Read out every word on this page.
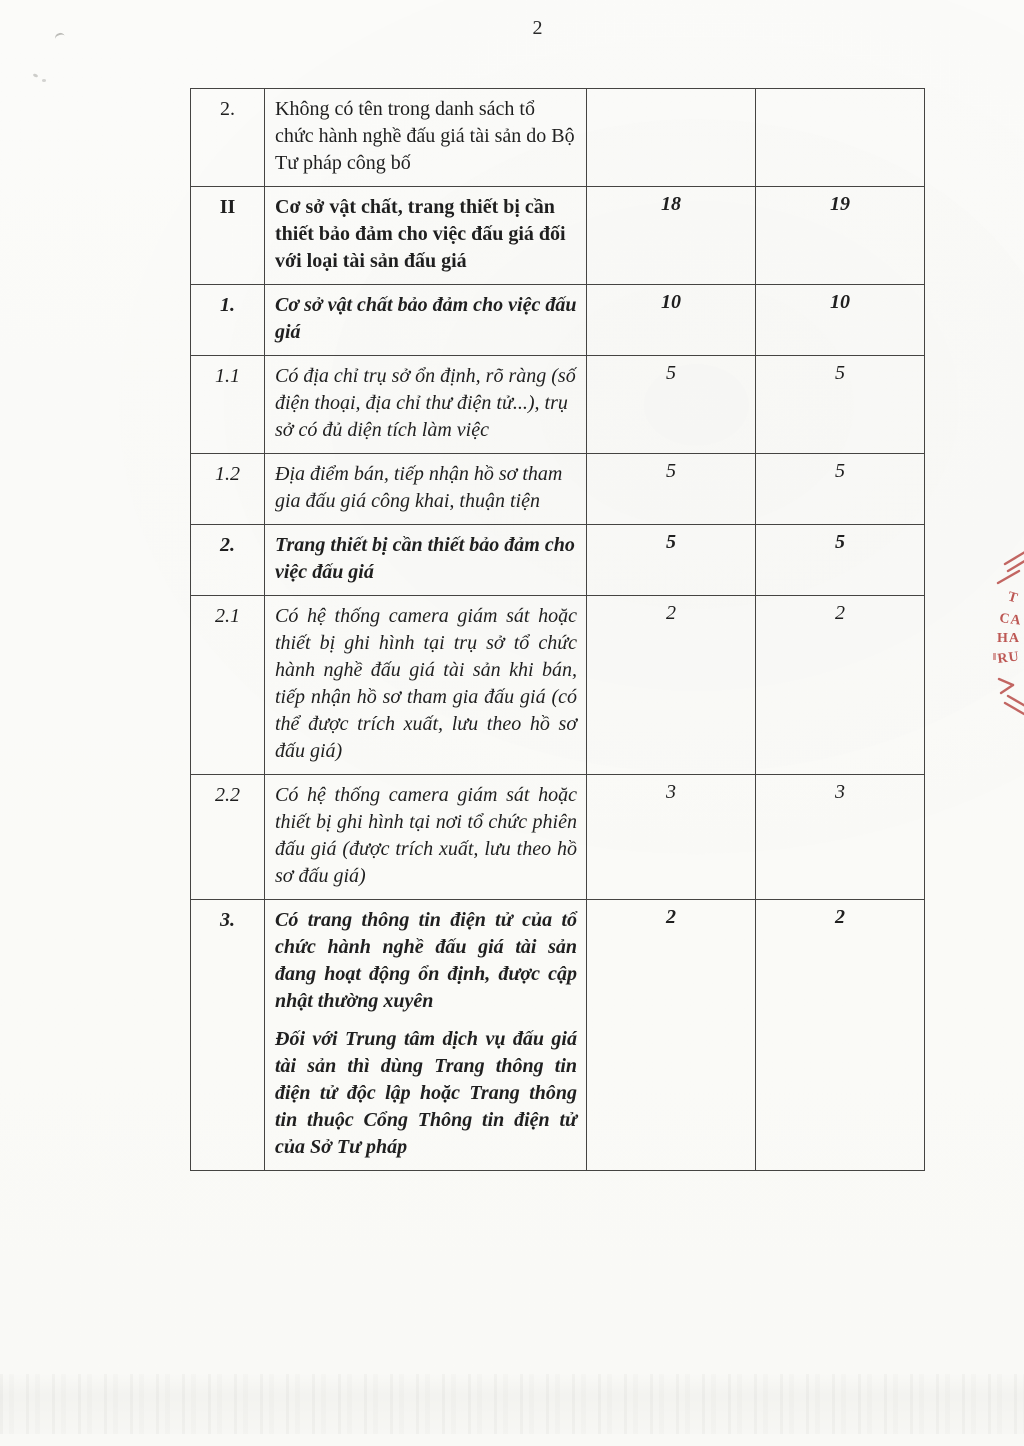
2
2.	Không có tên trong danh sách tổ chức hành nghề đấu giá tài sản do Bộ Tư pháp công bố		

II	Cơ sở vật chất, trang thiết bị cần thiết bảo đảm cho việc đấu giá đối với loại tài sản đấu giá	18	19
1.	Cơ sở vật chất bảo đảm cho việc đấu giá	10	10
1.1	Có địa chỉ trụ sở ổn định, rõ ràng (số điện thoại, địa chỉ thư điện tử...), trụ sở có đủ diện tích làm việc	5	5
1.2	Địa điểm bán, tiếp nhận hồ sơ tham gia đấu giá công khai, thuận tiện	5	5
2.	Trang thiết bị cần thiết bảo đảm cho việc đấu giá	5	5
2.1	Có hệ thống camera giám sát hoặc thiết bị ghi hình tại trụ sở tổ chức hành nghề đấu giá tài sản khi bán, tiếp nhận hồ sơ tham gia đấu giá (có thể được trích xuất, lưu theo hồ sơ đấu giá)	2	2
2.2	Có hệ thống camera giám sát hoặc thiết bị ghi hình tại nơi tổ chức phiên đấu giá (được trích xuất, lưu theo hồ sơ đấu giá)	3	3
3.	Có trang thông tin điện tử của tổ chức hành nghề đấu giá tài sản đang hoạt động ổn định, được cập nhật thường xuyên

Đối với Trung tâm dịch vụ đấu giá tài sản thì dùng Trang thông tin điện tử độc lập hoặc Trang thông tin thuộc Cổng Thông tin điện tử của Sở Tư pháp	2	2
T
CA
HA
RU
